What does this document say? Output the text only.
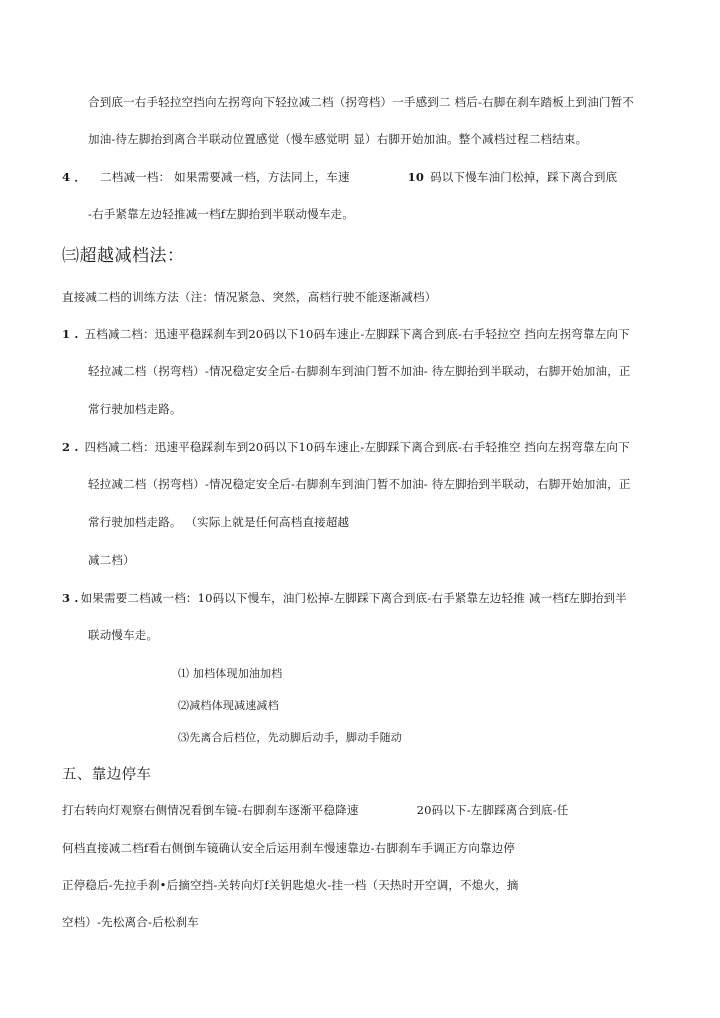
合到底一右手轻拉空挡向左拐弯向下轻拉减二档（拐弯档）一手感到二 档后-右脚在刹车踏板上到油门暂不
加油-待左脚抬到离合半联动位置感觉（慢车感觉明 显）右脚开始加油。整个减档过程二档结束。
4 ． 二档减一档： 如果需要减一档，方法同上，车速	10 码以下慢车油门松掉，踩下离合到底
-右手紧靠左边轻推减一档f左脚抬到半联动慢车走。
㈢超越减档法：
直接减二档的训练方法（注：情况紧急、突然，高档行驶不能逐渐减档）
1 . 五档减二档：迅速平稳踩刹车到20码以下10码车速止-左脚踩下离合到底-右手轻拉空 挡向左拐弯靠左向下
轻拉减二档（拐弯档）-情况稳定安全后-右脚刹车到油门暂不加油- 待左脚抬到半联动，右脚开始加油，正
常行驶加档走路。
2 . 四档减二档：迅速平稳踩刹车到20码以下10码车速止-左脚踩下离合到底-右手轻推空 挡向左拐弯靠左向下
轻拉减二档（拐弯档）-情况稳定安全后-右脚刹车到油门暂不加油- 待左脚抬到半联动，右脚开始加油，正
常行驶加档走路。 （实际上就是任何高档直接超越
减二档）
3 . 如果需要二档减一档：10码以下慢车，油门松掉-左脚踩下离合到底-右手紧靠左边轻推 减一档f左脚抬到半
联动慢车走。
⑴ 加档体现加油加档
⑵减档体现减速减档
⑶先离合后档位，先动脚后动手，脚动手随动
五、靠边停车
打右转向灯观察右侧情况看倒车镜-右脚刹车逐渐平稳降速	20码以下-左脚踩离合到底-任
何档直接减二档f看右侧倒车镜确认安全后运用刹车慢速靠边-右脚刹车手调正方向靠边停
正停稳后-先拉手刹•后摘空挡-关转向灯f关钥匙熄火-挂一档（天热时开空调，不熄火，摘
空档）-先松离合-后松刹车
